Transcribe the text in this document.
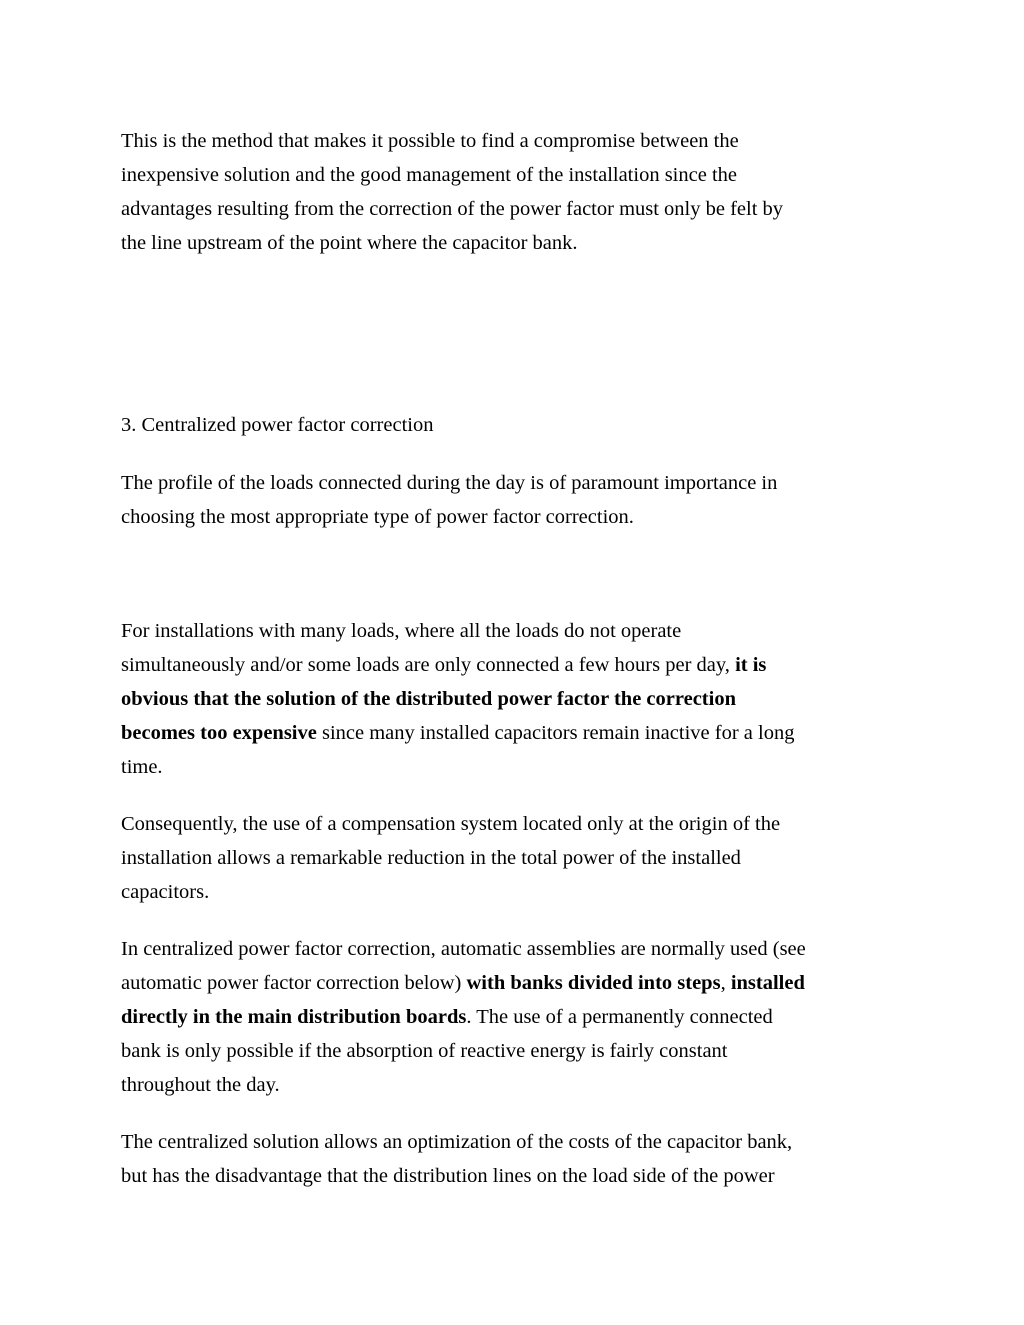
This is the method that makes it possible to find a compromise between the
inexpensive solution and the good management of the installation since the
advantages resulting from the correction of the power factor must only be felt by
the line upstream of the point where the capacitor bank.
3. Centralized power factor correction
The profile of the loads connected during the day is of paramount importance in
choosing the most appropriate type of power factor correction.
For installations with many loads, where all the loads do not operate
simultaneously and/or some loads are only connected a few hours per day, it is
obvious that the solution of the distributed power factor the correction
becomes too expensive since many installed capacitors remain inactive for a long
time.
Consequently, the use of a compensation system located only at the origin of the
installation allows a remarkable reduction in the total power of the installed
capacitors.
In centralized power factor correction, automatic assemblies are normally used (see
automatic power factor correction below) with banks divided into steps, installed
directly in the main distribution boards. The use of a permanently connected
bank is only possible if the absorption of reactive energy is fairly constant
throughout the day.
The centralized solution allows an optimization of the costs of the capacitor bank,
but has the disadvantage that the distribution lines on the load side of the power
